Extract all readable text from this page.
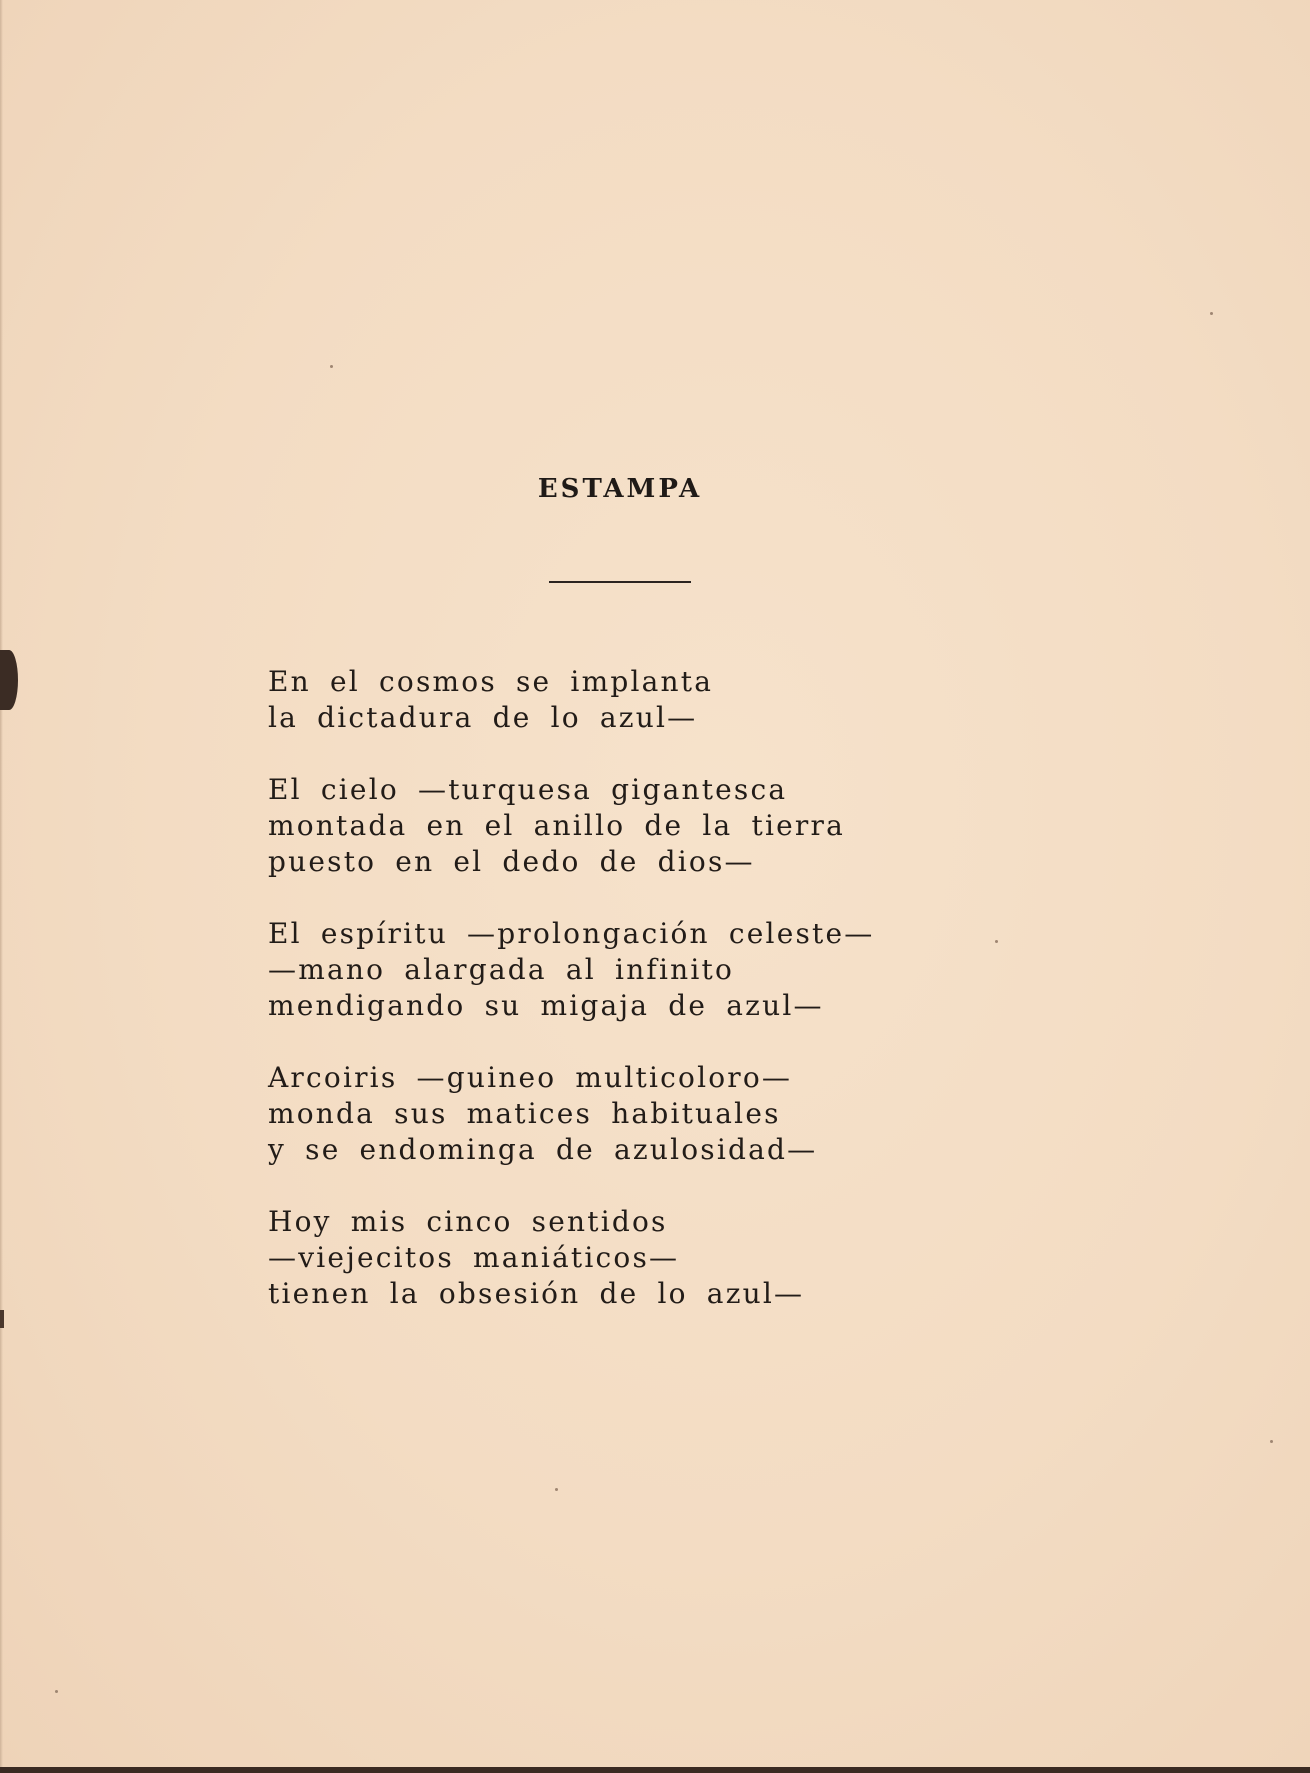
ESTAMPA
En el cosmos se implanta
la dictadura de lo azul—
El cielo —turquesa gigantesca
montada en el anillo de la tierra
puesto en el dedo de dios—
El espíritu —prolongación celeste—
—mano alargada al infinito
mendigando su migaja de azul—
Arcoiris —guineo multicoloro—
monda sus matices habituales
y se endominga de azulosidad—
Hoy mis cinco sentidos
—viejecitos maniáticos—
tienen la obsesión de lo azul—
